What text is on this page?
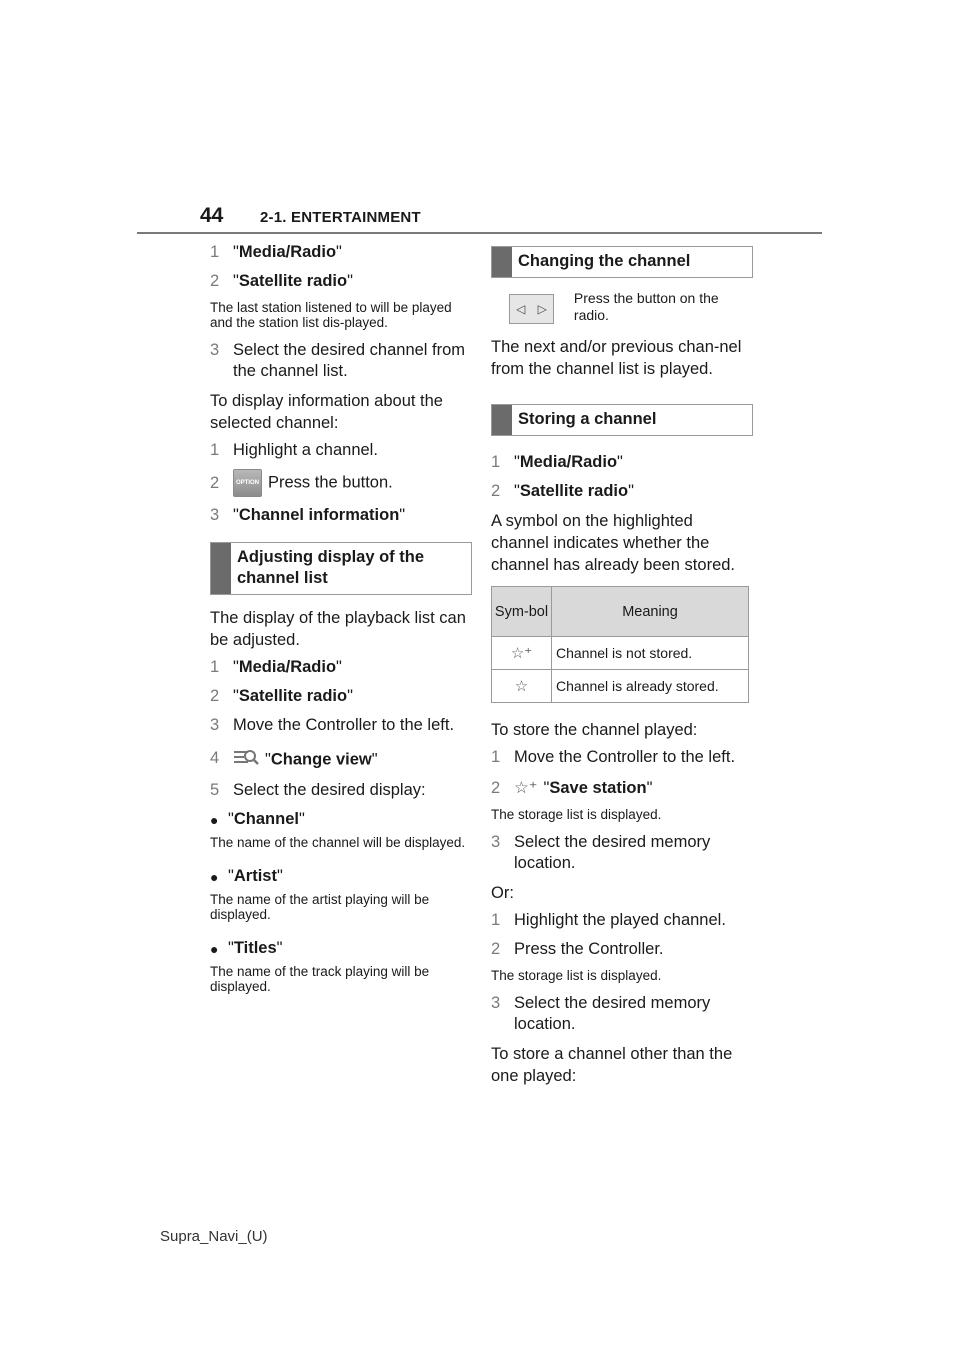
44	2-1. ENTERTAINMENT
1 "Media/Radio"
2 "Satellite radio"
The last station listened to will be played and the station list dis-played.
3 Select the desired channel from the channel list.
To display information about the selected channel:
1 Highlight a channel.
2	OPTION Press the button.
3 "Channel information"
Adjusting display of the channel list
The display of the playback list can be adjusted.
1 "Media/Radio"
2 "Satellite radio"
3 Move the Controller to the left.
4	"Change view"
5 Select the desired display:
● "Channel"
The name of the channel will be displayed.
● "Artist"
The name of the artist playing will be displayed.
● "Titles"
The name of the track playing will be displayed.
Changing the channel
◁ ▷
Press the button on the radio.
The next and/or previous chan-nel from the channel list is played.
Storing a channel
1 "Media/Radio"
2 "Satellite radio"
A symbol on the highlighted channel indicates whether the channel has already been stored.
Sym-bol	Meaning
☆⁺	Channel is not stored.
☆	Channel is already stored.
To store the channel played:
1 Move the Controller to the left.
2 ☆⁺ "Save station"
The storage list is displayed.
3 Select the desired memory location.
Or:
1 Highlight the played channel.
2 Press the Controller.
The storage list is displayed.
3 Select the desired memory location.
To store a channel other than the one played:
Supra_Navi_(U)
